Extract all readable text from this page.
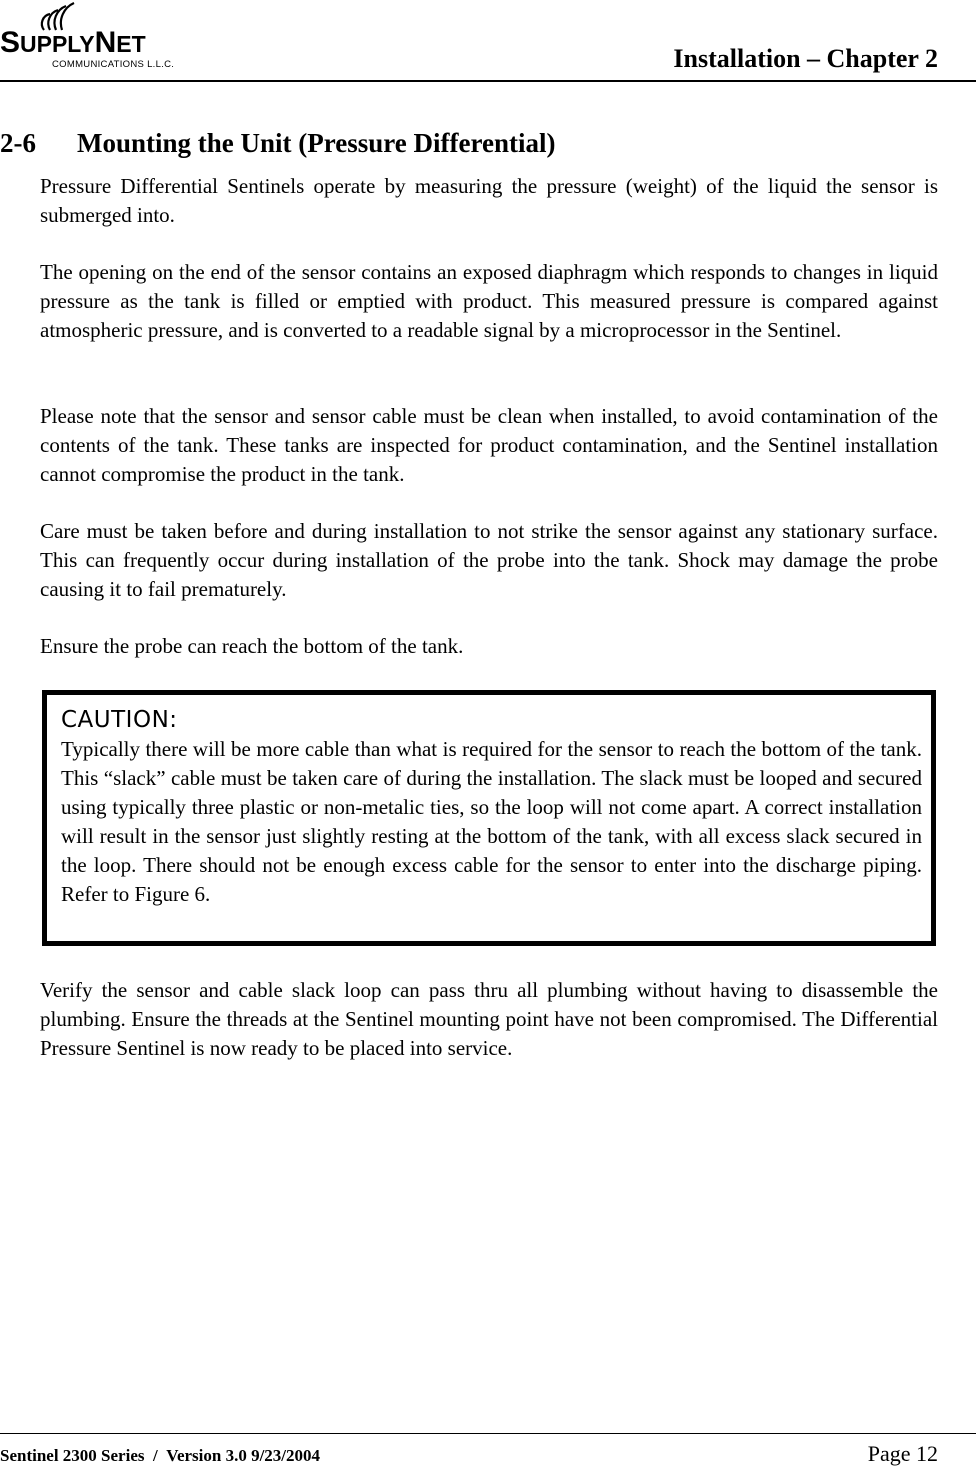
SUPPLYNET
COMMUNICATIONS L.L.C.	Installation – Chapter 2
2-6 Mounting the Unit (Pressure Differential)

Pressure Differential Sentinels operate by measuring the pressure (weight) of the liquid the sensor is submerged into.

The opening on the end of the sensor contains an exposed diaphragm which responds to changes in liquid pressure as the tank is filled or emptied with product. This measured pressure is compared against atmospheric pressure, and is converted to a readable signal by a microprocessor in the Sentinel.

Please note that the sensor and sensor cable must be clean when installed, to avoid contamination of the contents of the tank. These tanks are inspected for product contamination, and the Sentinel installation cannot compromise the product in the tank.

Care must be taken before and during installation to not strike the sensor against any stationary surface. This can frequently occur during installation of the probe into the tank. Shock may damage the probe causing it to fail prematurely.

Ensure the probe can reach the bottom of the tank.

CAUTION:

Typically there will be more cable than what is required for the sensor to reach the bottom of the tank. This “slack” cable must be taken care of during the installation. The slack must be looped and secured using typically three plastic or non-metalic ties, so the loop will not come apart. A correct installation will result in the sensor just slightly resting at the bottom of the tank, with all excess slack secured in the loop. There should not be enough excess cable for the sensor to enter into the discharge piping. Refer to Figure 6.

Verify the sensor and cable slack loop can pass thru all plumbing without having to disassemble the plumbing. Ensure the threads at the Sentinel mounting point have not been compromised. The Differential Pressure Sentinel is now ready to be placed into service.

Sentinel 2300 Series / Version 3.0 9/23/2004	Page 12
